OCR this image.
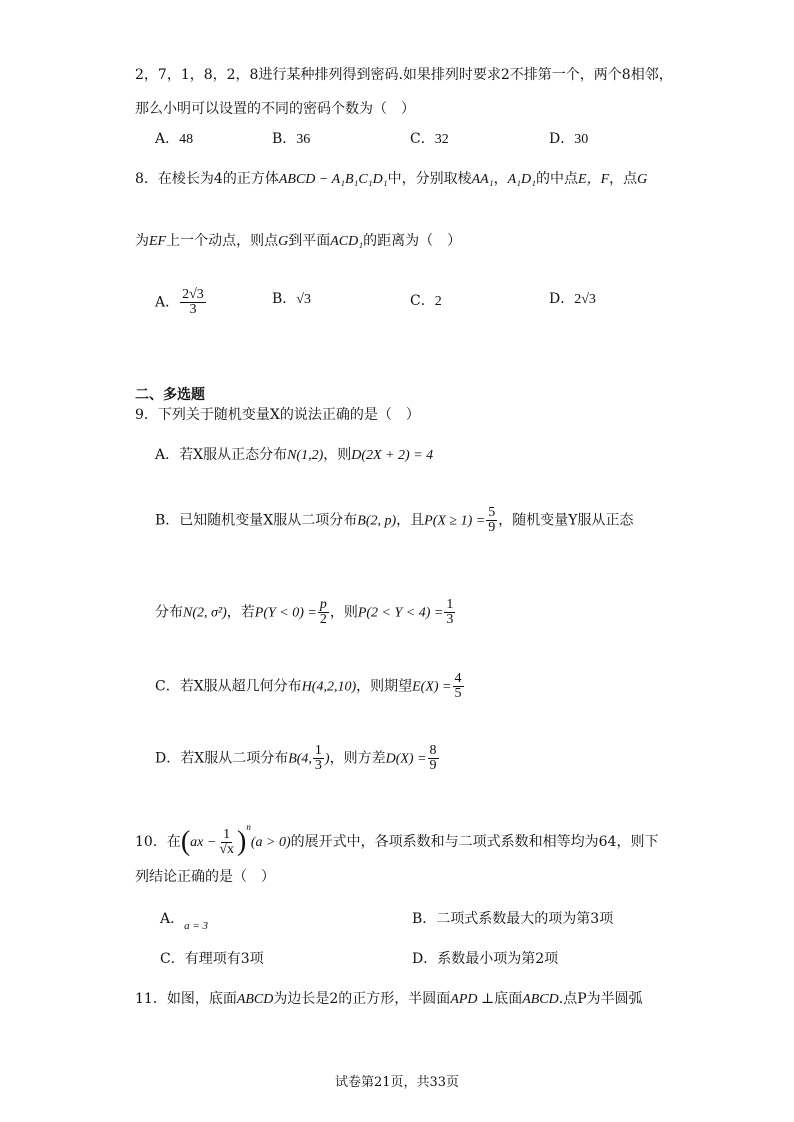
2，7，1，8，2，8进行某种排列得到密码.如果排列时要求2不排第一个，两个8相邻，
那么小明可以设置的不同的密码个数为（　）
A．48	B．36	C．32	D．30
8．在棱长为4的正方体ABCD − A₁B₁C₁D₁中，分别取棱AA₁，A₁D₁的中点E，F，点G
为EF上一个动点，则点G到平面ACD₁的距离为（　）
A． $\frac{2√3}{3}$	B．√3	C．2	D．2√3
二、多选题
9．下列关于随机变量X的说法正确的是（　）
A．若X服从正态分布N(1,2)，则D(2X + 2) = 4
B．已知随机变量X服从二项分布B(2, p)，且$P(X \ge 1) = \frac{5}{9}$ ，随机变量Y服从正态
分布N(2, σ²)，若$P(Y < 0) = \frac{p}{2}$ ，则$P(2 < Y < 4) = \frac{1}{3}$
C．若X服从超几何分布H(4,2,10)，则期望$E(X) = \frac{4}{5}$
D．若X服从二项分布B(4, $\frac{1}{3}$ )，则方差$D(X) = \frac{8}{9}$
10．在$(ax - \frac{1}{√x} )^n(a > 0)$的展开式中，各项系数和与二项式系数和相等均为64，则下
列结论正确的是（　）
A．$_{a = 3}$	B．二项式系数最大的项为第3项
C．有理项有3项	D．系数最小项为第2项
11．如图，底面ABCD为边长是2的正方形，半圆面APD ⊥底面ABCD.点P为半圆弧
试卷第21页，共33页
